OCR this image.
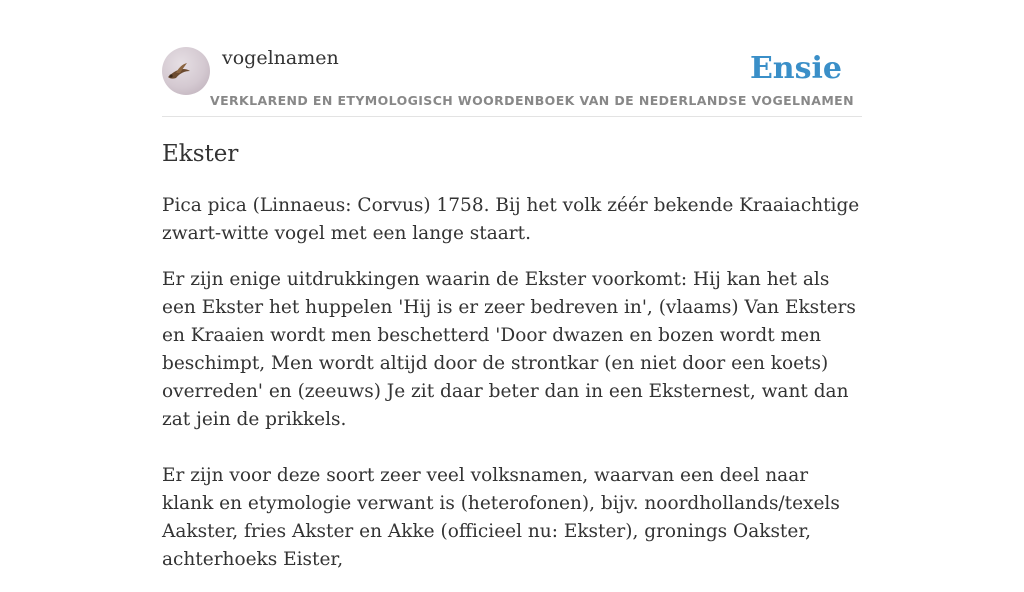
vogelnamen
VERKLAREND EN ETYMOLOGISCH WOORDENBOEK VAN DE NEDERLANDSE VOGELNAMEN
Ensie
Ekster

Pica pica (Linnaeus: Corvus) 1758. Bij het volk zéér bekende Kraaiachtige zwart-witte vogel met een lange staart.

Er zijn enige uitdrukkingen waarin de Ekster voorkomt: Hij kan het als een Ekster het huppelen 'Hij is er zeer bedreven in', (vlaams) Van Eksters en Kraaien wordt men beschetterd 'Door dwazen en bozen wordt men beschimpt, Men wordt altijd door de strontkar (en niet door een koets) overreden' en (zeeuws) Je zit daar beter dan in een Eksternest, want dan zat jein de prikkels.

Er zijn voor deze soort zeer veel volksnamen, waarvan een deel naar klank en etymologie verwant is (heterofonen), bijv. noordhollands/texels Aakster, fries Akster en Akke (officieel nu: Ekster), gronings Oakster, achterhoeks Eister,
